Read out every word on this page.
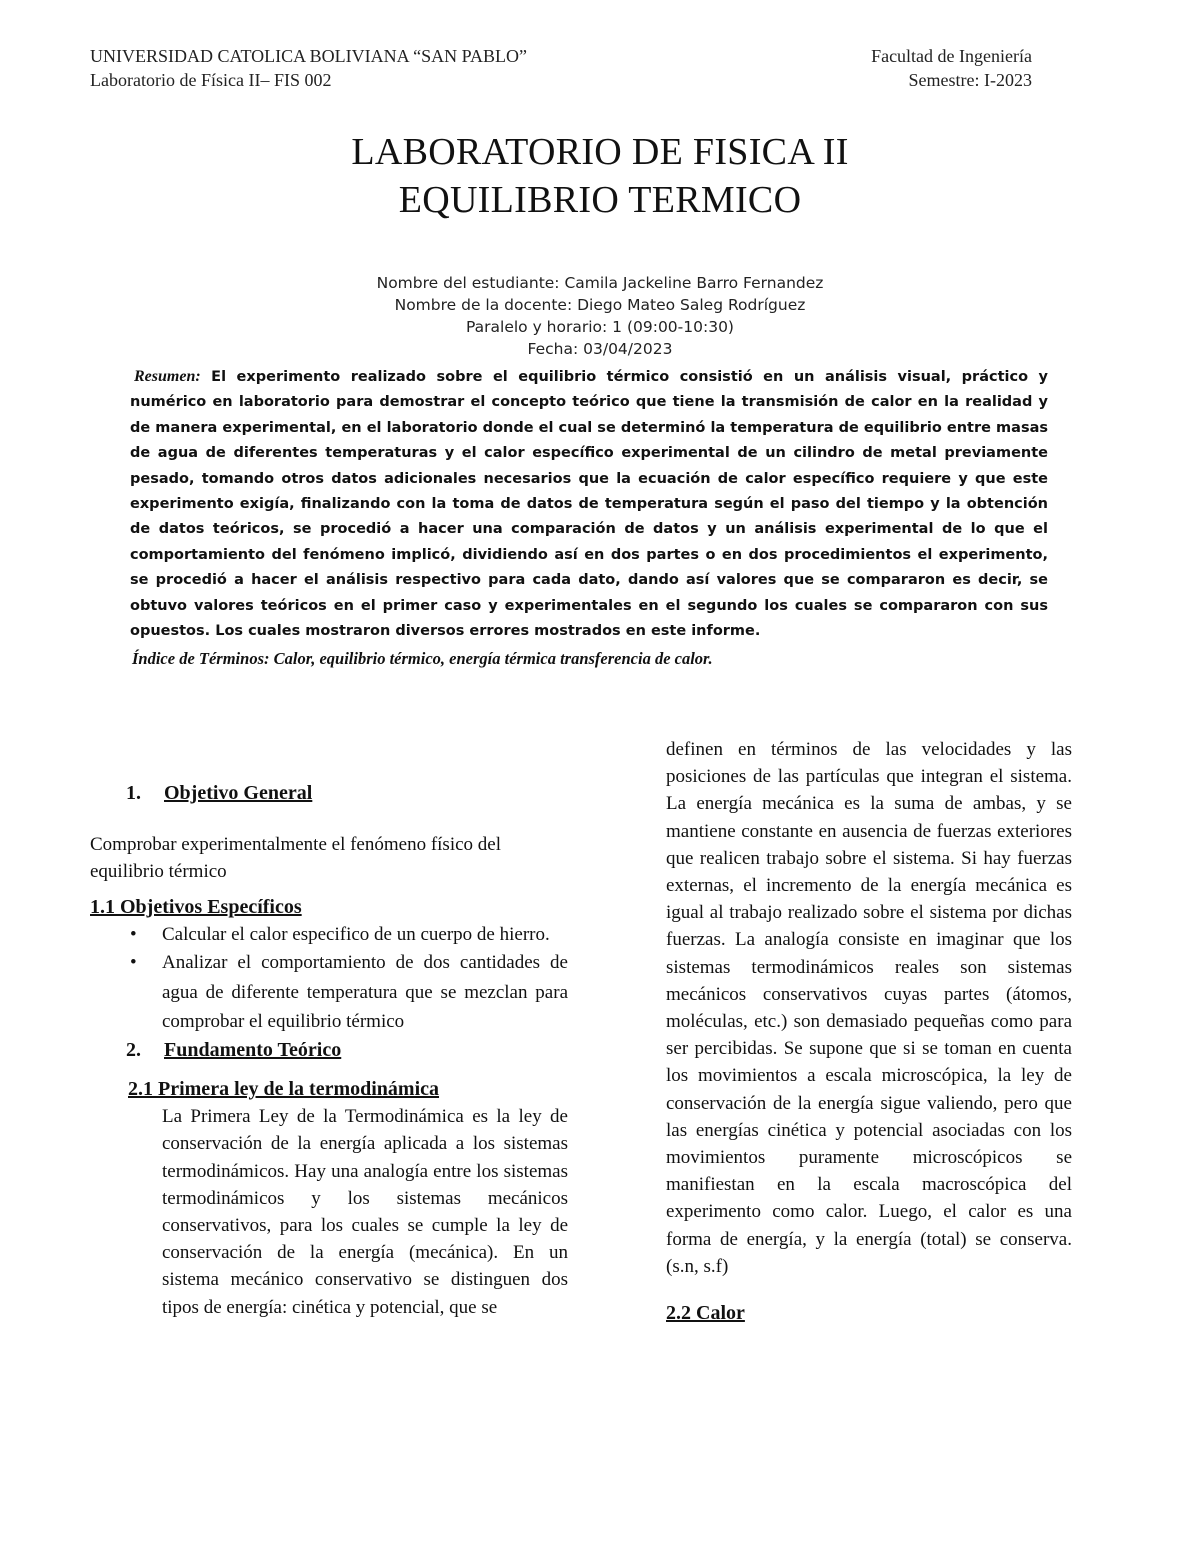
UNIVERSIDAD CATOLICA BOLIVIANA “SAN PABLO”
Laboratorio de Física II– FIS 002
Facultad de Ingeniería
Semestre: I-2023
LABORATORIO DE FISICA II
EQUILIBRIO TERMICO
Nombre del estudiante: Camila Jackeline Barro Fernandez
Nombre de la docente: Diego Mateo Saleg Rodríguez
Paralelo y horario: 1 (09:00-10:30)
Fecha: 03/04/2023
Resumen: El experimento realizado sobre el equilibrio térmico consistió en un análisis visual, práctico y numérico en laboratorio para demostrar el concepto teórico que tiene la transmisión de calor en la realidad y de manera experimental, en el laboratorio donde el cual se determinó la temperatura de equilibrio entre masas de agua de diferentes temperaturas y el calor específico experimental de un cilindro de metal previamente pesado, tomando otros datos adicionales necesarios que la ecuación de calor específico requiere y que este experimento exigía, finalizando con la toma de datos de temperatura según el paso del tiempo y la obtención de datos teóricos, se procedió a hacer una comparación de datos y un análisis experimental de lo que el comportamiento del fenómeno implicó, dividiendo así en dos partes o en dos procedimientos el experimento, se procedió a hacer el análisis respectivo para cada dato, dando así valores que se compararon es decir, se obtuvo valores teóricos en el primer caso y experimentales en el segundo los cuales se compararon con sus opuestos. Los cuales mostraron diversos errores mostrados en este informe.
Índice de Términos: Calor, equilibrio térmico, energía térmica transferencia de calor.
1. Objetivo General
Comprobar experimentalmente el fenómeno físico del equilibrio térmico
1.1 Objetivos Específicos
• Calcular el calor especifico de un cuerpo de hierro.
• Analizar el comportamiento de dos cantidades de agua de diferente temperatura que se mezclan para comprobar el equilibrio térmico
2. Fundamento Teórico
2.1 Primera ley de la termodinámica
La Primera Ley de la Termodinámica es la ley de conservación de la energía aplicada a los sistemas termodinámicos. Hay una analogía entre los sistemas termodinámicos y los sistemas mecánicos conservativos, para los cuales se cumple la ley de conservación de la energía (mecánica). En un sistema mecánico conservativo se distinguen dos tipos de energía: cinética y potencial, que se
definen en términos de las velocidades y las posiciones de las partículas que integran el sistema. La energía mecánica es la suma de ambas, y se mantiene constante en ausencia de fuerzas exteriores que realicen trabajo sobre el sistema. Si hay fuerzas externas, el incremento de la energía mecánica es igual al trabajo realizado sobre el sistema por dichas fuerzas. La analogía consiste en imaginar que los sistemas termodinámicos reales son sistemas mecánicos conservativos cuyas partes (átomos, moléculas, etc.) son demasiado pequeñas como para ser percibidas. Se supone que si se toman en cuenta los movimientos a escala microscópica, la ley de conservación de la energía sigue valiendo, pero que las energías cinética y potencial asociadas con los movimientos puramente microscópicos se manifiestan en la escala macroscópica del experimento como calor. Luego, el calor es una forma de energía, y la energía (total) se conserva. (s.n, s.f)
2.2 Calor
